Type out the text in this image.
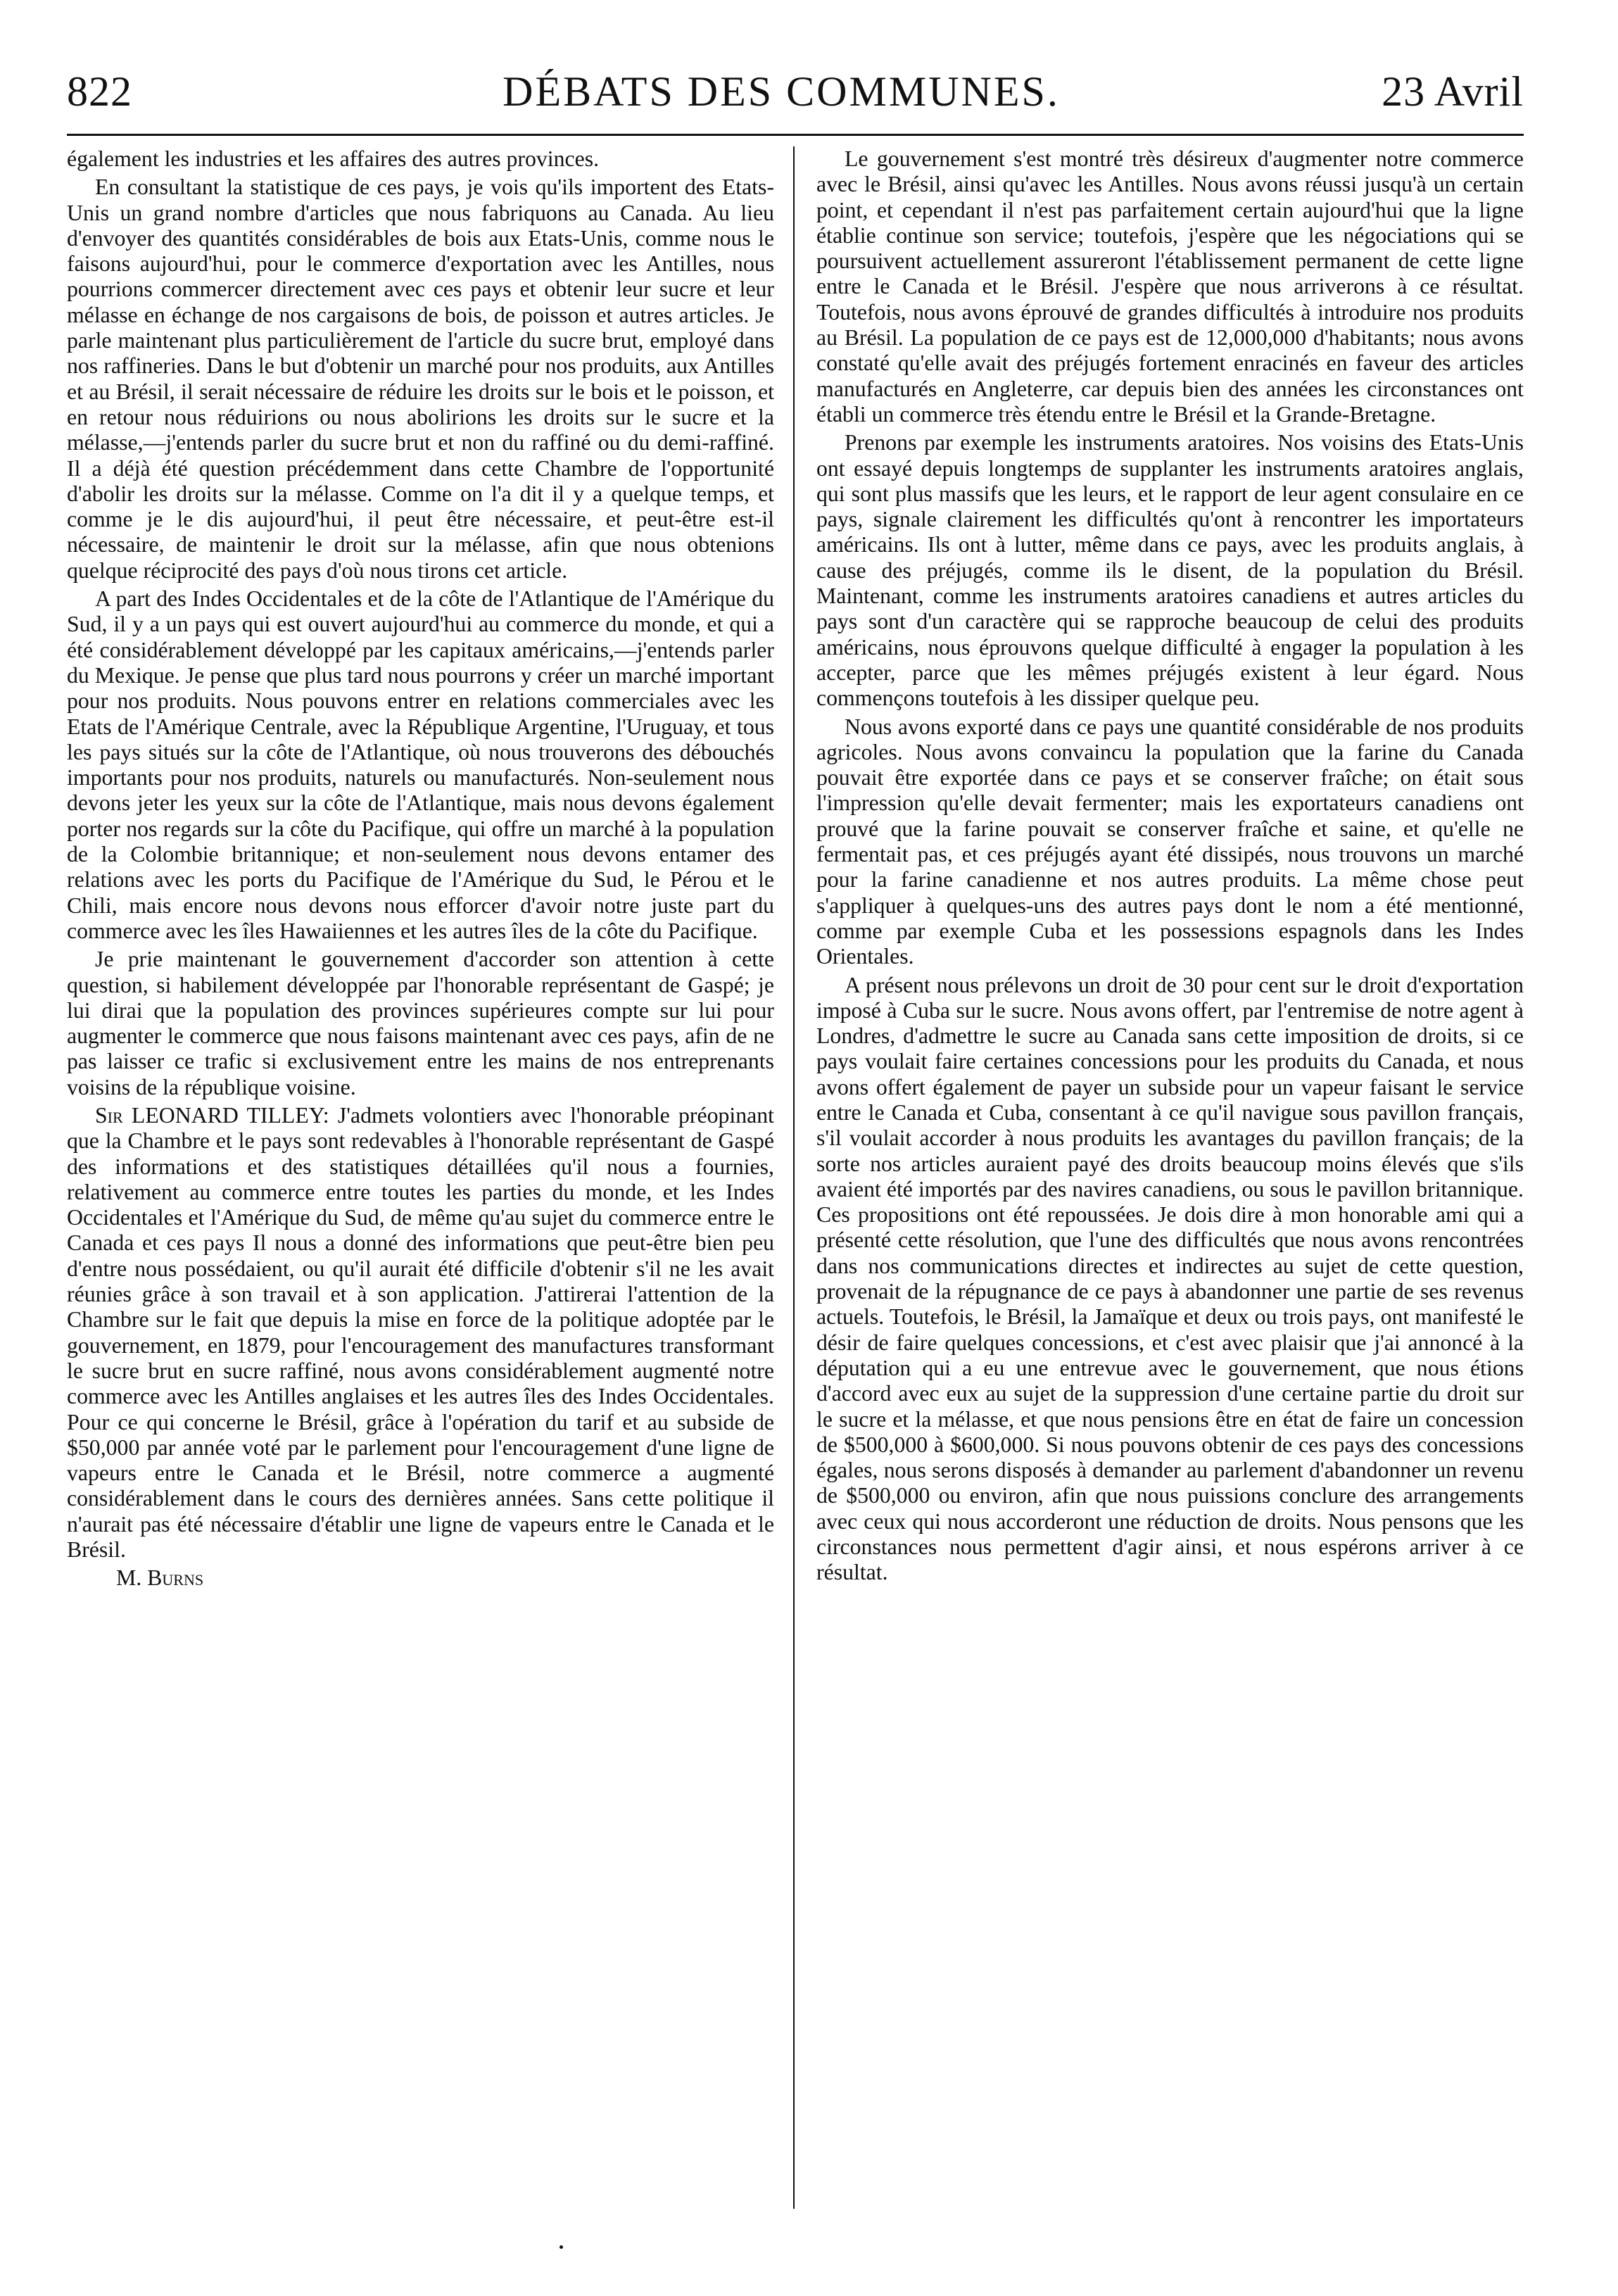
822	DÉBATS DES COMMUNES.	23 Avril

également les industries et les affaires des autres provinces.

En consultant la statistique de ces pays, je vois qu'ils importent des Etats-Unis un grand nombre d'articles que nous fabriquons au Canada. Au lieu d'envoyer des quantités considérables de bois aux Etats-Unis, comme nous le faisons aujourd'hui, pour le commerce d'exportation avec les Antilles, nous pourrions commercer directement avec ces pays et obtenir leur sucre et leur mélasse en échange de nos cargaisons de bois, de poisson et autres articles. Je parle maintenant plus particulièrement de l'article du sucre brut, employé dans nos raffineries. Dans le but d'obtenir un marché pour nos produits, aux Antilles et au Brésil, il serait nécessaire de réduire les droits sur le bois et le poisson, et en retour nous réduirions ou nous abolirions les droits sur le sucre et la mélasse,—j'entends parler du sucre brut et non du raffiné ou du demi-raffiné. Il a déjà été question précédemment dans cette Chambre de l'opportunité d'abolir les droits sur la mélasse. Comme on l'a dit il y a quelque temps, et comme je le dis aujourd'hui, il peut être nécessaire, et peut-être est-il nécessaire, de maintenir le droit sur la mélasse, afin que nous obtenions quelque réciprocité des pays d'où nous tirons cet article.

A part des Indes Occidentales et de la côte de l'Atlantique de l'Amérique du Sud, il y a un pays qui est ouvert aujourd'hui au commerce du monde, et qui a été considérablement développé par les capitaux américains,—j'entends parler du Mexique. Je pense que plus tard nous pourrons y créer un marché important pour nos produits. Nous pouvons entrer en relations commerciales avec les Etats de l'Amérique Centrale, avec la République Argentine, l'Uruguay, et tous les pays situés sur la côte de l'Atlantique, où nous trouverons des débouchés importants pour nos produits, naturels ou manufacturés. Non-seulement nous devons jeter les yeux sur la côte de l'Atlantique, mais nous devons également porter nos regards sur la côte du Pacifique, qui offre un marché à la population de la Colombie britannique; et non-seulement nous devons entamer des relations avec les ports du Pacifique de l'Amérique du Sud, le Pérou et le Chili, mais encore nous devons nous efforcer d'avoir notre juste part du commerce avec les îles Hawaiiennes et les autres îles de la côte du Pacifique.

Je prie maintenant le gouvernement d'accorder son attention à cette question, si habilement développée par l'honorable représentant de Gaspé; je lui dirai que la population des provinces supérieures compte sur lui pour augmenter le commerce que nous faisons maintenant avec ces pays, afin de ne pas laisser ce trafic si exclusivement entre les mains de nos entreprenants voisins de la république voisine.

Sir LEONARD TILLEY: J'admets volontiers avec l'honorable préopinant que la Chambre et le pays sont redevables à l'honorable représentant de Gaspé des informations et des statistiques détaillées qu'il nous a fournies, relativement au commerce entre toutes les parties du monde, et les Indes Occidentales et l'Amérique du Sud, de même qu'au sujet du commerce entre le Canada et ces pays Il nous a donné des informations que peut-être bien peu d'entre nous possédaient, ou qu'il aurait été difficile d'obtenir s'il ne les avait réunies grâce à son travail et à son application. J'attirerai l'attention de la Chambre sur le fait que depuis la mise en force de la politique adoptée par le gouvernement, en 1879, pour l'encouragement des manufactures transformant le sucre brut en sucre raffiné, nous avons considérablement augmenté notre commerce avec les Antilles anglaises et les autres îles des Indes Occidentales. Pour ce qui concerne le Brésil, grâce à l'opération du tarif et au subside de $50,000 par année voté par le parlement pour l'encouragement d'une ligne de vapeurs entre le Canada et le Brésil, notre commerce a augmenté considérablement dans le cours des dernières années. Sans cette politique il n'aurait pas été nécessaire d'établir une ligne de vapeurs entre le Canada et le Brésil.

M. Burns

Le gouvernement s'est montré très désireux d'augmenter notre commerce avec le Brésil, ainsi qu'avec les Antilles. Nous avons réussi jusqu'à un certain point, et cependant il n'est pas parfaitement certain aujourd'hui que la ligne établie continue son service; toutefois, j'espère que les négociations qui se poursuivent actuellement assureront l'établissement permanent de cette ligne entre le Canada et le Brésil. J'espère que nous arriverons à ce résultat. Toutefois, nous avons éprouvé de grandes difficultés à introduire nos produits au Brésil. La population de ce pays est de 12,000,000 d'habitants; nous avons constaté qu'elle avait des préjugés fortement enracinés en faveur des articles manufacturés en Angleterre, car depuis bien des années les circonstances ont établi un commerce très étendu entre le Brésil et la Grande-Bretagne.

Prenons par exemple les instruments aratoires. Nos voisins des Etats-Unis ont essayé depuis longtemps de supplanter les instruments aratoires anglais, qui sont plus massifs que les leurs, et le rapport de leur agent consulaire en ce pays, signale clairement les difficultés qu'ont à rencontrer les importateurs américains. Ils ont à lutter, même dans ce pays, avec les produits anglais, à cause des préjugés, comme ils le disent, de la population du Brésil. Maintenant, comme les instruments aratoires canadiens et autres articles du pays sont d'un caractère qui se rapproche beaucoup de celui des produits américains, nous éprouvons quelque difficulté à engager la population à les accepter, parce que les mêmes préjugés existent à leur égard. Nous commençons toutefois à les dissiper quelque peu.

Nous avons exporté dans ce pays une quantité considérable de nos produits agricoles. Nous avons convaincu la population que la farine du Canada pouvait être exportée dans ce pays et se conserver fraîche; on était sous l'impression qu'elle devait fermenter; mais les exportateurs canadiens ont prouvé que la farine pouvait se conserver fraîche et saine, et qu'elle ne fermentait pas, et ces préjugés ayant été dissipés, nous trouvons un marché pour la farine canadienne et nos autres produits. La même chose peut s'appliquer à quelques-uns des autres pays dont le nom a été mentionné, comme par exemple Cuba et les possessions espagnols dans les Indes Orientales.

A présent nous prélevons un droit de 30 pour cent sur le droit d'exportation imposé à Cuba sur le sucre. Nous avons offert, par l'entremise de notre agent à Londres, d'admettre le sucre au Canada sans cette imposition de droits, si ce pays voulait faire certaines concessions pour les produits du Canada, et nous avons offert également de payer un subside pour un vapeur faisant le service entre le Canada et Cuba, consentant à ce qu'il navigue sous pavillon français, s'il voulait accorder à nous produits les avantages du pavillon français; de la sorte nos articles auraient payé des droits beaucoup moins élevés que s'ils avaient été importés par des navires canadiens, ou sous le pavillon britannique. Ces propositions ont été repoussées. Je dois dire à mon honorable ami qui a présenté cette résolution, que l'une des difficultés que nous avons rencontrées dans nos communications directes et indirectes au sujet de cette question, provenait de la répugnance de ce pays à abandonner une partie de ses revenus actuels. Toutefois, le Brésil, la Jamaïque et deux ou trois pays, ont manifesté le désir de faire quelques concessions, et c'est avec plaisir que j'ai annoncé à la députation qui a eu une entrevue avec le gouvernement, que nous étions d'accord avec eux au sujet de la suppression d'une certaine partie du droit sur le sucre et la mélasse, et que nous pensions être en état de faire un concession de $500,000 à $600,000. Si nous pouvons obtenir de ces pays des concessions égales, nous serons disposés à demander au parlement d'abandonner un revenu de $500,000 ou environ, afin que nous puissions conclure des arrangements avec ceux qui nous accorderont une réduction de droits. Nous pensons que les circonstances nous permettent d'agir ainsi, et nous espérons arriver à ce résultat.
